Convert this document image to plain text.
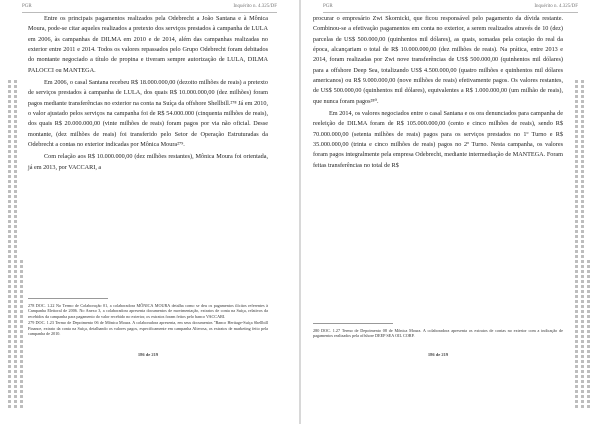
PGR	Inquérito n. 4.325/DF

Entre os principais pagamentos realizados pela Odebrecht a João Santana e à Mônica Moura, pode-se citar aqueles realizados a pretexto dos serviços prestados à campanha de LULA em 2006, às campanhas de DILMA em 2010 e de 2014, além das campanhas realizadas no exterior entre 2011 e 2014. Todos os valores repassados pelo Grupo Odebrecht foram debitados do montante negociado a título de propina e tiveram sempre autorização de LULA, DILMA PALOCCI ou MANTEGA.

Em 2006, o casal Santana recebeu R$ 18.000.000,00 (dezoito milhões de reais) a pretexto de serviços prestados à campanha de LULA, dos quais R$ 10.000.000,00 (dez milhões) foram pagos mediante transferências no exterior na conta na Suíça da offshore Shellbill.²⁷⁸ Já em 2010, o valor ajustado pelos serviços na campanha foi de R$ 54.000.000 (cinquenta milhões de reais), dos quais R$ 20.000.000,00 (vinte milhões de reais) foram pagos por via não oficial. Desse montante, (dez milhões de reais) foi transferido pelo Setor de Operação Estruturadas da Odebrecht a contas no exterior indicadas por Mônica Moura²⁷⁹.

Com relação aos R$ 10.000.000,00 (dez milhões restantes), Mônica Moura foi orientada, já em 2013, por VACCARI, a

278 DOC. 1.22 No Termo de Colaboração 01, a colaboradora MÔNICA MOURA detalha como se deu os pagamentos ilícitos referentes à Campanha Eleitoral de 2006. No Anexo 3, a colaboradora apresenta documentos de movimentação, extratos de conta na Suíça, relativos da recebidos da campanha para pagamento do valor recebido no exterior, os extratos foram feitos pelo banco VACCARI.

279 DOC. 1.23 Termo de Depoimento 06 de Mônica Moura. A colaboradora apresenta, em seus documentos "Banco Heritage-Suíça Shellbill Finance, extrato da conta na Suíça, detalhando os valores pagos, especificamente em campanha Alterosa, os extratos de marketing feito pela campanha de 2010.

186 de 219
PGR	Inquérito n. 4.325/DF

procurar o empresário Zwi Skornicki, que ficou responsável pelo pagamento da dívida restante. Combinou-se a efetivação pagamentos em conta no exterior, a serem realizados através de 10 (dez) parcelas de US$ 500.000,00 (quinhentos mil dólares), as quais, somadas pela cotação do real da época, alcançariam o total de R$ 10.000.000,00 (dez milhões de reais). Na prática, entre 2013 e 2014, foram realizadas por Zwi nove transferências de US$ 500.000,00 (quinhentos mil dólares) para a offshore Deep Sea, totalizando US$ 4.500.000,00 (quatro milhões e quinhentos mil dólares americanos) ou R$ 9.000.000,00 (nove milhões de reais) efetivamente pagos. Os valores restantes, de US$ 500.000,00 (quinhentos mil dólares), equivalentes a R$ 1.000.000,00 (um milhão de reais), que nunca foram pagos²⁸⁰.

Em 2014, os valores negociados entre o casal Santana e os ora denunciados para campanha de reeleição de DILMA foram de R$ 105.000.000,00 (cento e cinco milhões de reais), sendo R$ 70.000.000,00 (setenta milhões de reais) pagos para os serviços prestados no 1º Turno e R$ 35.000.000,00 (trinta e cinco milhões de reais) pagos no 2º Turno. Nesta campanha, os valores foram pagos integralmente pela empresa Odebrecht, mediante intermediação de MANTEGA. Foram feitas transferências no total de R$

280 DOC. 1.27 Termo de Depoimento 08 de Mônica Moura. A colaboradora apresenta os extratos de contas no exterior com a indicação de pagamentos realizados pela offshore DEEP SEA OIL CORP.

186 de 219
